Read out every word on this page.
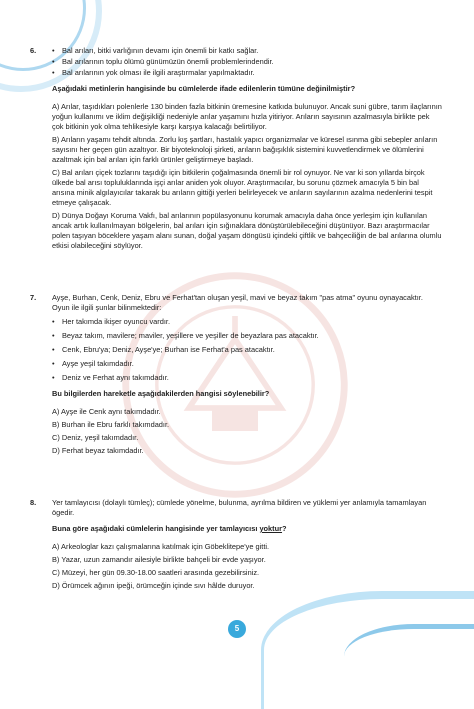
6.
•	Bal arıları, bitki varlığının devamı için önemli bir katkı sağlar.
• Bal arılarının toplu ölümü günümüzün önemli problemlerindendir.
• Bal arılarının yok olması ile ilgili araştırmalar yapılmaktadır.
Aşağıdaki metinlerin hangisinde bu cümlelerde ifade edilenlerin tümüne değinilmiştir?
A) Arılar, taşıdıkları polenlerle 130 binden fazla bitkinin üremesine katkıda bulunuyor. Ancak suni gübre, tarım ilaçlarının yoğun kullanımı ve iklim değişikliği nedeniyle arılar yaşamını hızla yitiriyor. Arıların sayısının azalmasıyla birlikte pek çok bitkinin yok olma tehlikesiyle karşı karşıya kalacağı belirtiliyor.
B) Arıların yaşamı tehdit altında. Zorlu kış şartları, hastalık yapıcı organizmalar ve küresel ısınma gibi sebepler arıların sayısını her geçen gün azaltıyor. Bir biyoteknoloji şirketi, arıların bağışıklık sistemini kuvvetlendirmek ve ölümlerini azaltmak için bal arıları için farklı ürünler geliştirmeye başladı.
C) Bal arıları çiçek tozlarını taşıdığı için bitkilerin çoğalmasında önemli bir rol oynuyor. Ne var ki son yıllarda birçok ülkede bal arısı topluluklarında işçi arılar aniden yok oluyor. Araştırmacılar, bu sorunu çözmek amacıyla 5 bin bal arısına minik algılayıcılar takarak bu arıların gittiği yerleri belirleyecek ve arıların sayılarının azalma nedenlerini tespit etmeye çalışacak.
D) Dünya Doğayı Koruma Vakfı, bal arılarının popülasyonunu korumak amacıyla daha önce yerleşim için kullanılan ancak artık kullanılmayan bölgelerin, bal arıları için sığınaklara dönüştürülebileceğini düşünüyor. Bazı araştırmacılar polen taşıyan böceklere yaşam alanı sunan, doğal yaşam döngüsü içindeki çiftlik ve bahçeciliğin de bal arılarına olumlu etkisi olabileceğini söylüyor.
7. Ayşe, Burhan, Cenk, Deniz, Ebru ve Ferhat'tan oluşan yeşil, mavi ve beyaz takım "pas atma" oyunu oynayacaktır. Oyun ile ilgili şunlar bilinmektedir:
• Her takımda ikişer oyuncu vardır.
• Beyaz takım, mavilere; maviler, yeşillere ve yeşiller de beyazlara pas atacaktır.
• Cenk, Ebru'ya; Deniz, Ayşe'ye; Burhan ise Ferhat'a pas atacaktır.
• Ayşe yeşil takımdadır.
• Deniz ve Ferhat aynı takımdadır.
Bu bilgilerden hareketle aşağıdakilerden hangisi söylenebilir?
A) Ayşe ile Cenk aynı takımdadır.
B) Burhan ile Ebru farklı takımdadır.
C) Deniz, yeşil takımdadır.
D) Ferhat beyaz takımdadır.
8. Yer tamlayıcısı (dolaylı tümleç); cümlede yönelme, bulunma, ayrılma bildiren ve yüklemi yer anlamıyla tamamlayan ögedir.
Buna göre aşağıdaki cümlelerin hangisinde yer tamlayıcısı yoktur?
A) Arkeologlar kazı çalışmalarına katılmak için Göbeklitepe'ye gitti.
B) Yazar, uzun zamandır ailesiyle birlikte bahçeli bir evde yaşıyor.
C) Müzeyi, her gün 09.30-18.00 saatleri arasında gezebilirsiniz.
D) Örümcek ağının ipeği, örümceğin içinde sıvı hâlde duruyor.
5
